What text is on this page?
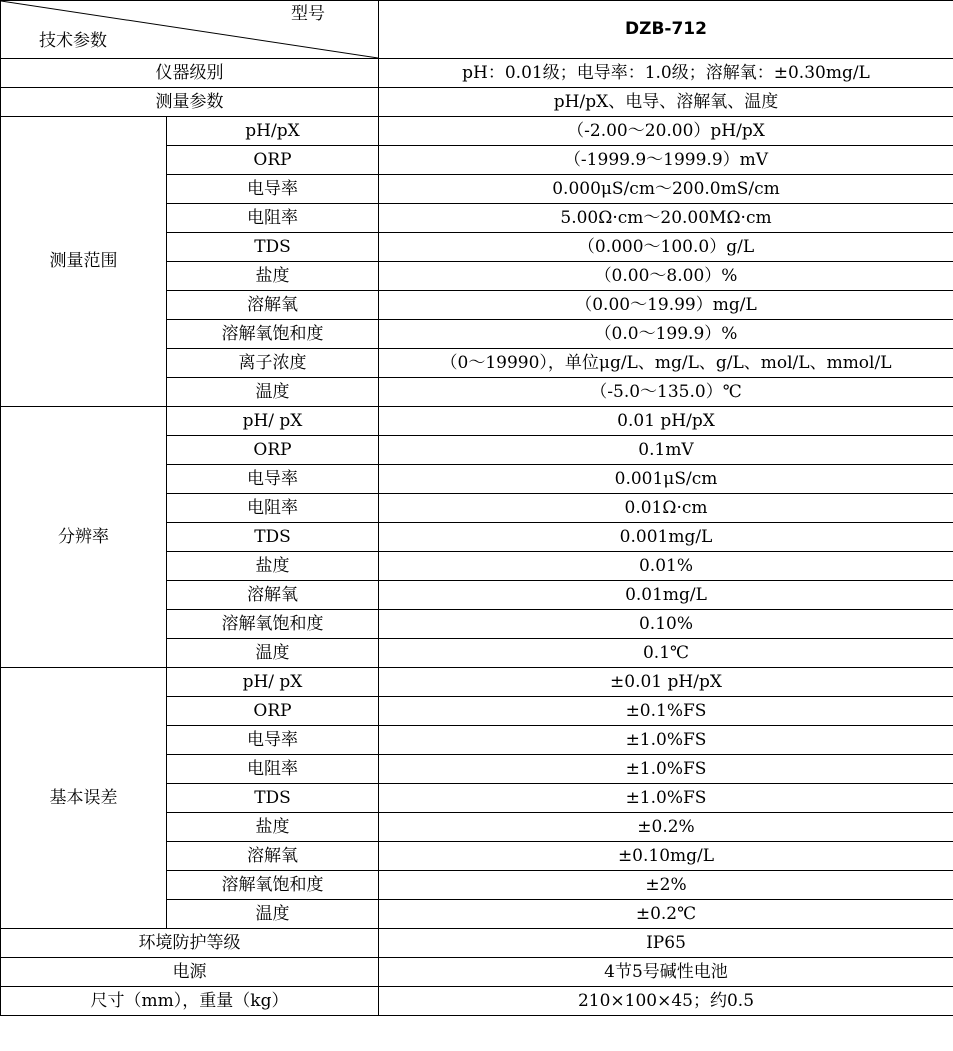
型号
技术参数		DZB-712
仪器级别		pH：0.01级；电导率：1.0级；溶解氧：±0.30mg/L
测量参数		pH/pX、电导、溶解氧、温度
测量范围	pH/pX	（-2.00～20.00）pH/pX
	ORP	（-1999.9～1999.9）mV
	电导率	0.000μS/cm～200.0mS/cm
	电阻率	5.00Ω·cm～20.00MΩ·cm
	TDS	（0.000～100.0）g/L
	盐度	（0.00～8.00）%
	溶解氧	（0.00～19.99）mg/L
	溶解氧饱和度	（0.0～199.9）%
	离子浓度	（0～19990），单位μg/L、mg/L、g/L、mol/L、mmol/L
	温度	（-5.0～135.0）℃
分辨率	pH/ pX	0.01 pH/pX
	ORP	0.1mV
	电导率	0.001μS/cm
	电阻率	0.01Ω·cm
	TDS	0.001mg/L
	盐度	0.01%
	溶解氧	0.01mg/L
	溶解氧饱和度	0.10%
	温度	0.1℃
基本误差	pH/ pX	±0.01 pH/pX
	ORP	±0.1%FS
	电导率	±1.0%FS
	电阻率	±1.0%FS
	TDS	±1.0%FS
	盐度	±0.2%
	溶解氧	±0.10mg/L
	溶解氧饱和度	±2%
	温度	±0.2℃
环境防护等级		IP65
电源		4节5号碱性电池
尺寸（mm），重量（kg）		210×100×45；约0.5
